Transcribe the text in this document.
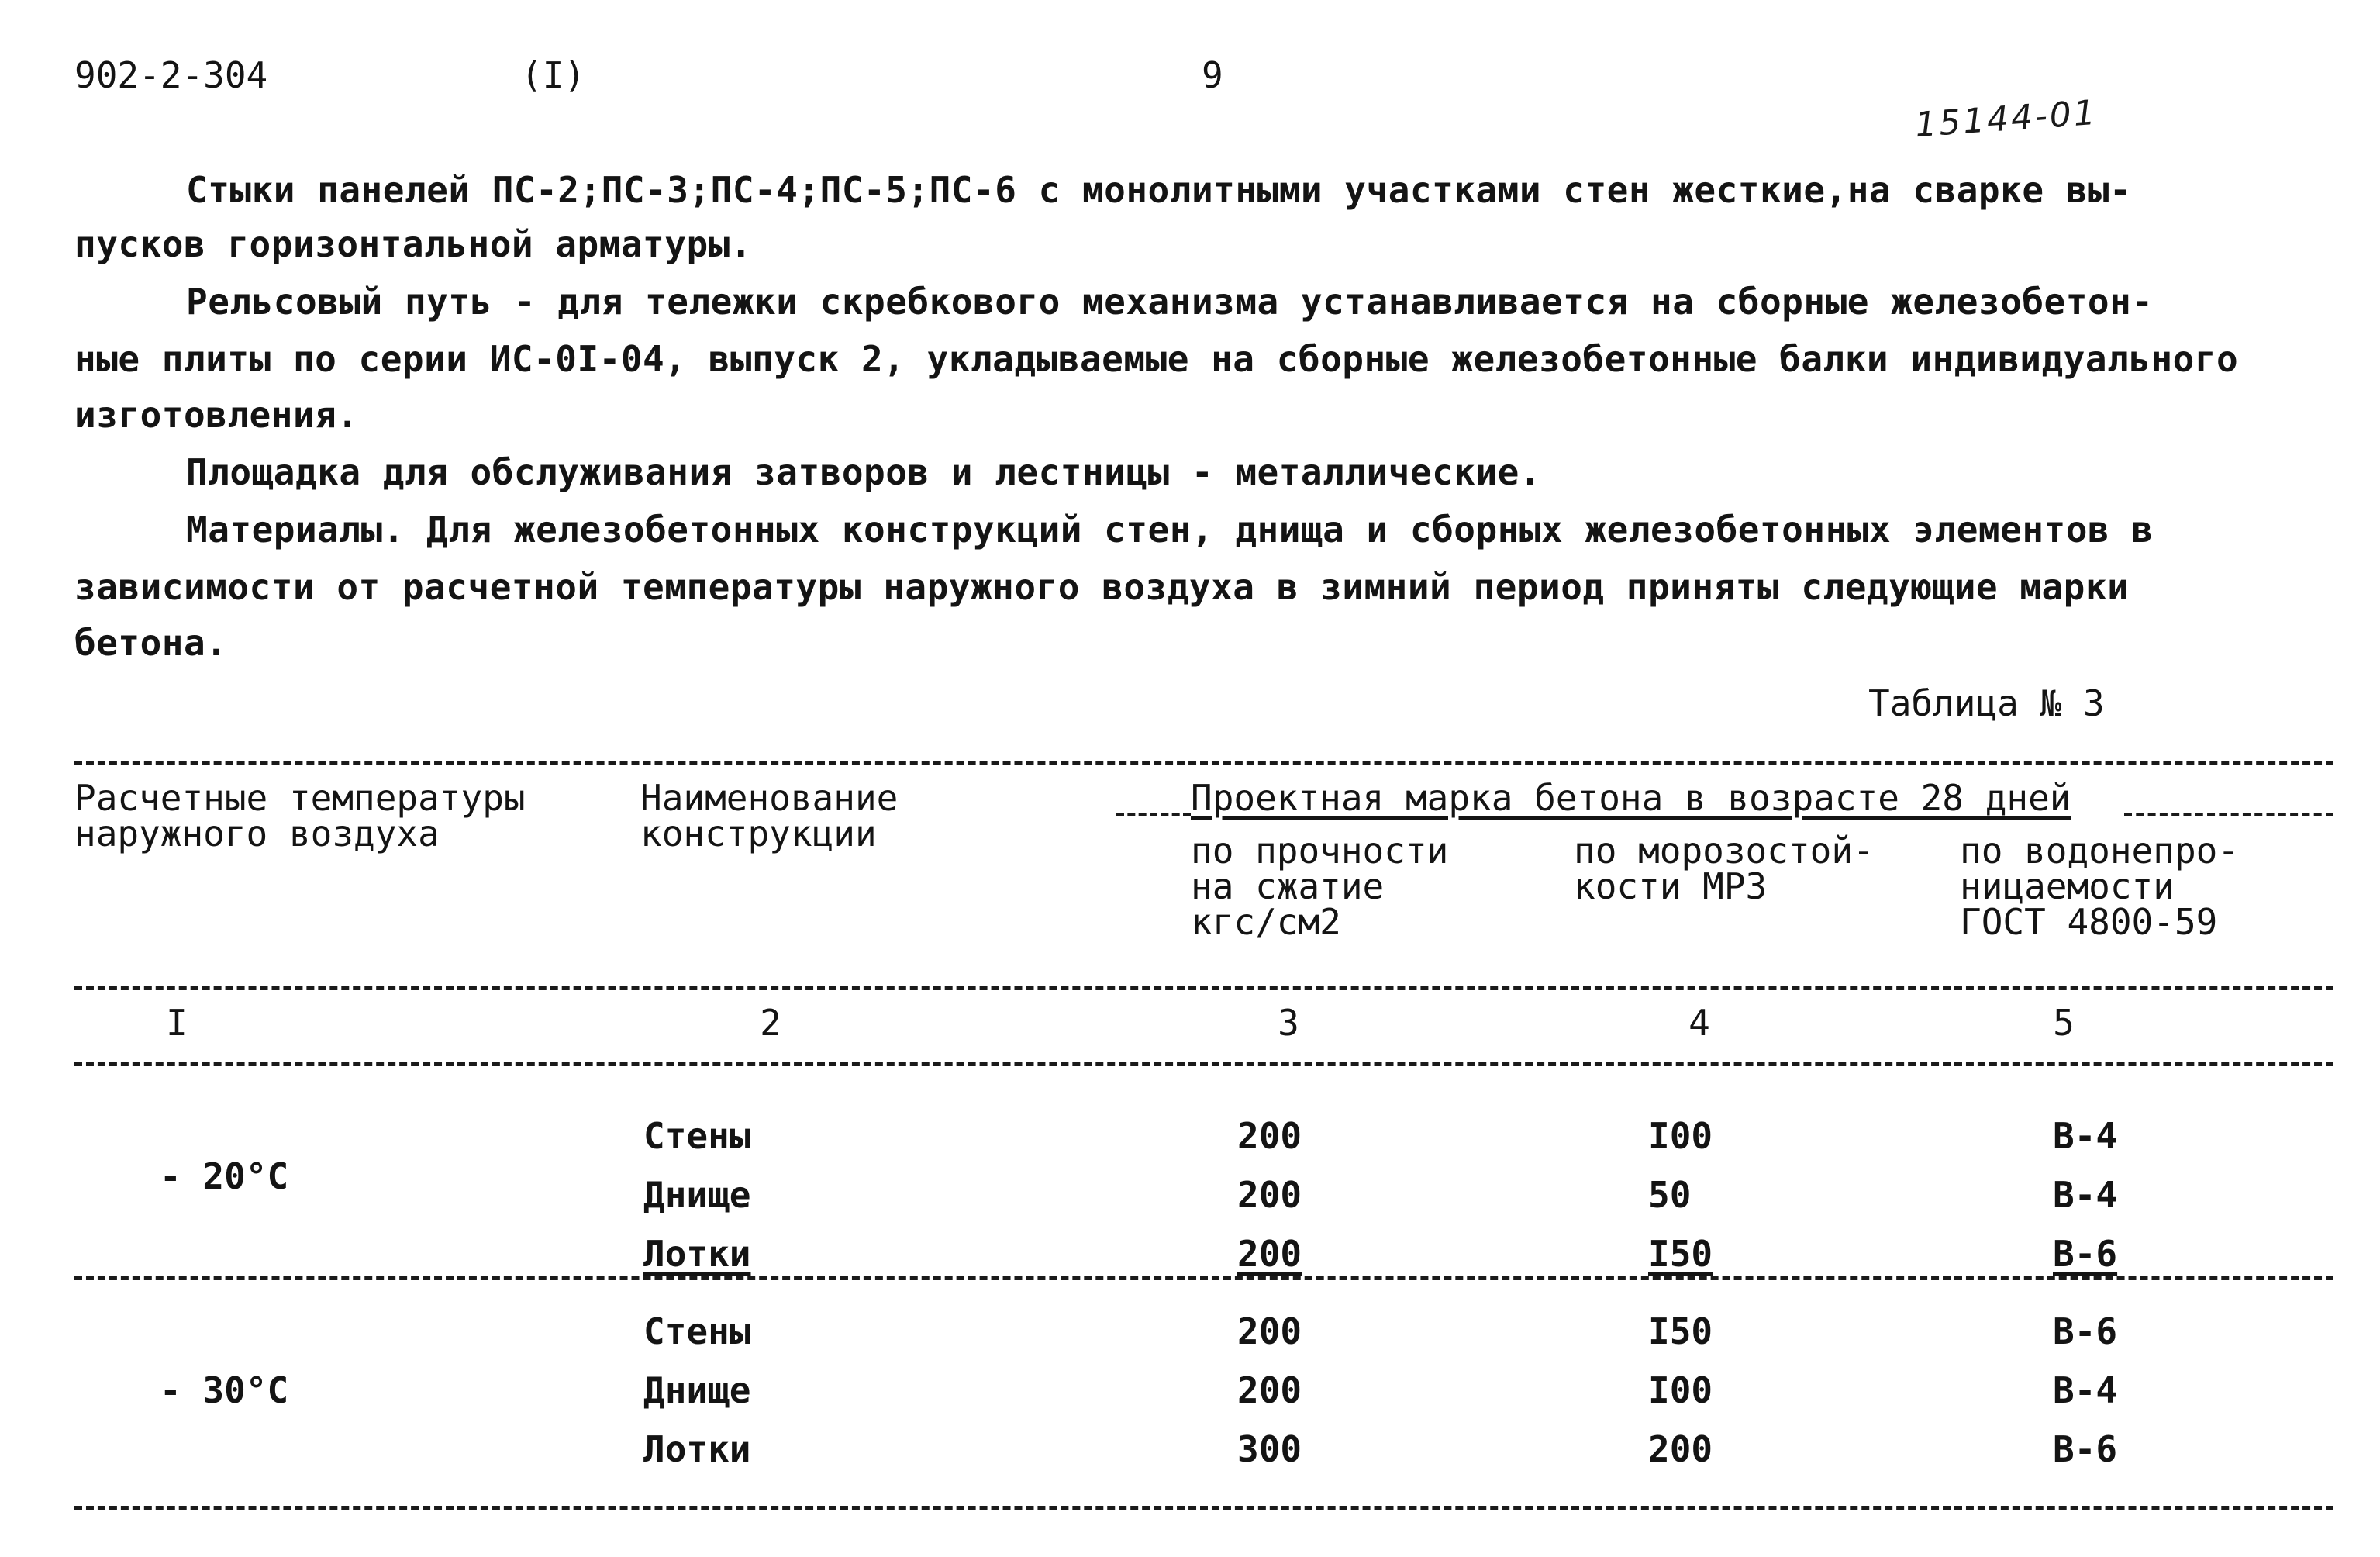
902-2-304	(I)	9
15144-01
Стыки панелей ПС-2;ПС-3;ПС-4;ПС-5;ПС-6 с монолитными участками стен жесткие,на сварке вы-
пусков горизонтальной арматуры.
Рельсовый путь - для тележки скребкового механизма устанавливается на сборные железобетон-
ные плиты по серии ИС-0I-04, выпуск 2, укладываемые на сборные железобетонные балки индивидуального
изготовления.
Площадка для обслуживания затворов и лестницы - металлические.
Материалы. Для железобетонных конструкций стен, днища и сборных железобетонных элементов в
зависимости от расчетной температуры наружного воздуха в зимний период приняты следующие марки
бетона.
Таблица № 3
Расчетные температуры
наружного воздуха
Наименование
конструкции
Проектная марка бетона в возрасте 28 дней
по прочности
на сжатие
кгс/см2
по морозостой-
кости МРЗ
по водонепро-
ницаемости
ГОСТ 4800-59
I	2	3	4	5
- 20°C
Стены	200	I00	В-4
Днище	200	50	В-4
Лотки	200	I50	В-6
- 30°C
Стены	200	I50	В-6
Днище	200	I00	В-4
Лотки	300	200	В-6
